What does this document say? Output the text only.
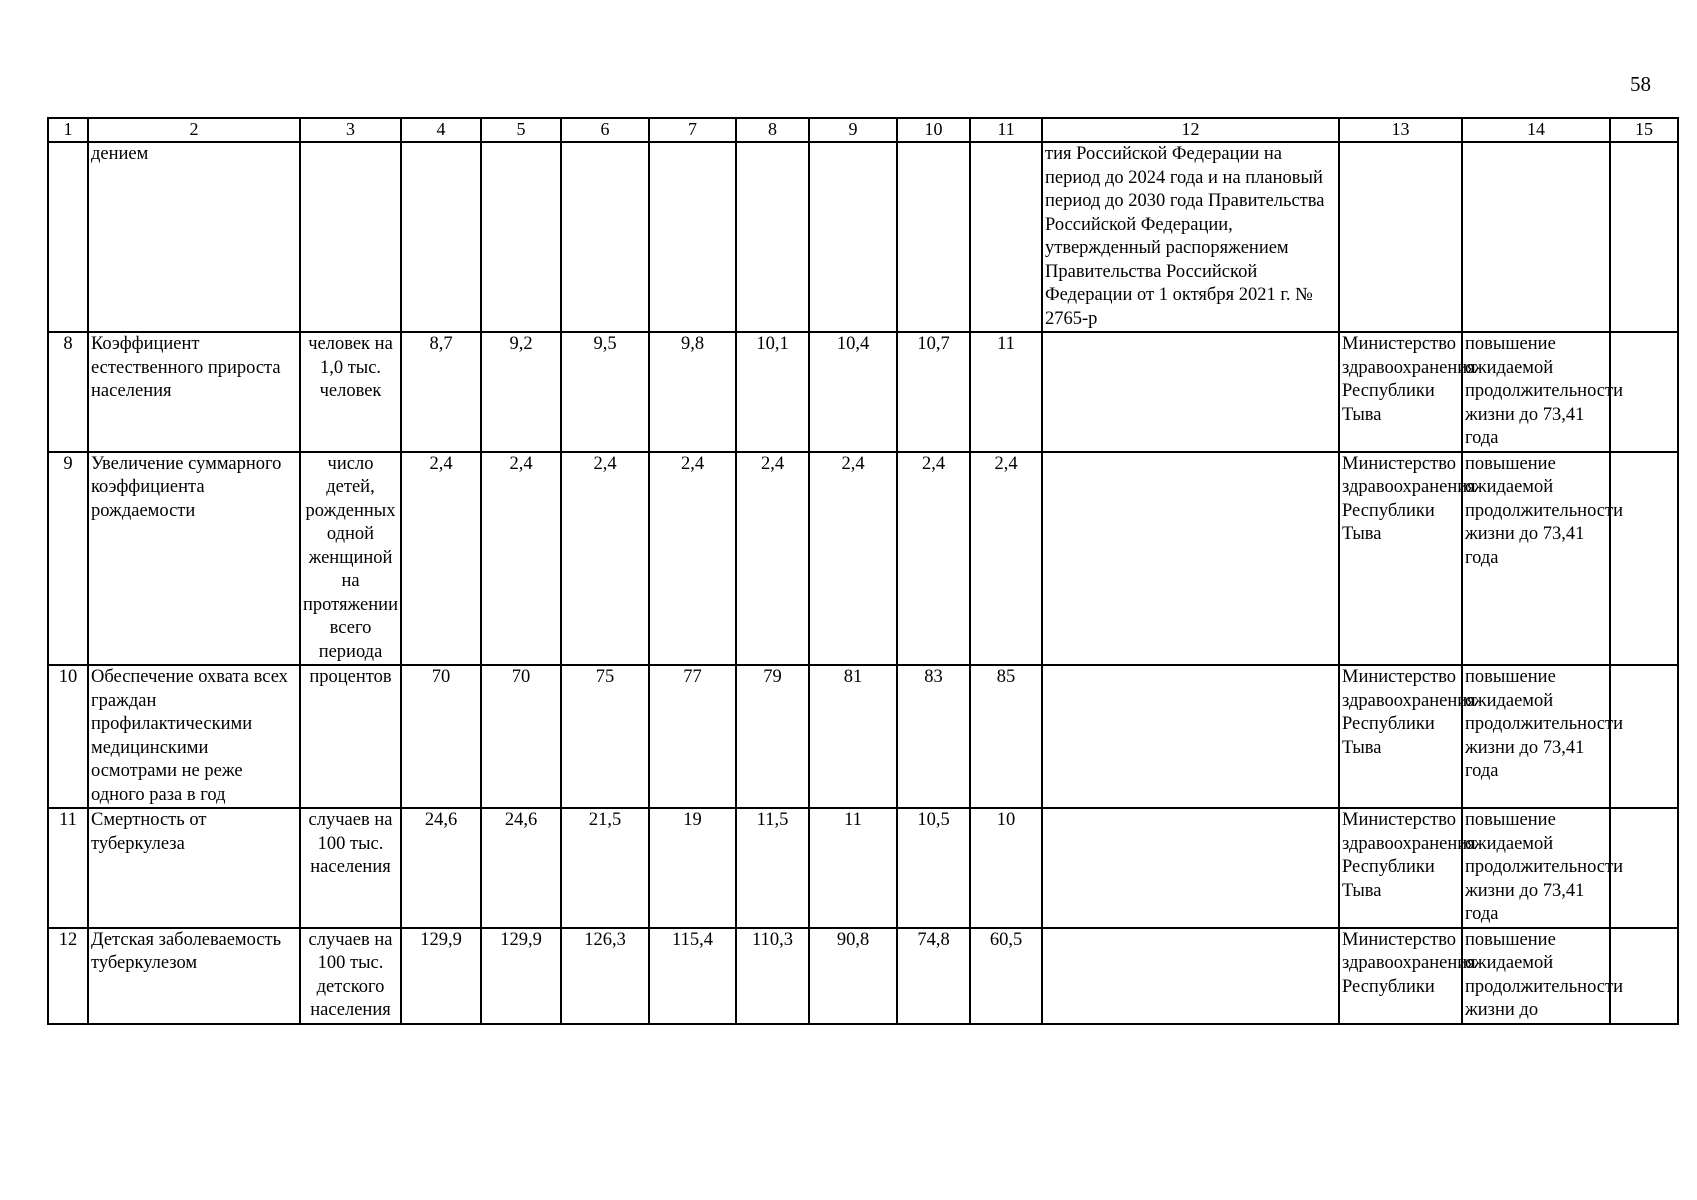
58
1	2	3	4	5	6	7	8	9	10	11	12	13	14	15
	дением										тия Российской Федерации на период до 2024 года и на плановый период до 2030 года Правительства Российской Федерации, утвержденный распоряжением Правительства Российской Федерации от 1 октября 2021 г. № 2765-р			
8	Коэффициент естественного прироста населения	человек на 1,0 тыс. человек	8,7	9,2	9,5	9,8	10,1	10,4	10,7	11		Министерство здравоохранения Республики Тыва	повышение ожидаемой продолжительности жизни до 73,41 года	
9	Увеличение суммарного коэффициента рождаемости	число детей, рожденных одной женщиной на протяжении всего периода	2,4	2,4	2,4	2,4	2,4	2,4	2,4	2,4		Министерство здравоохранения Республики Тыва	повышение ожидаемой продолжительности жизни до 73,41 года	
10	Обеспечение охвата всех граждан профилактическими медицинскими осмотрами не реже одного раза в год	процентов	70	70	75	77	79	81	83	85		Министерство здравоохранения Республики Тыва	повышение ожидаемой продолжительности жизни до 73,41 года	
11	Смертность от туберкулеза	случаев на 100 тыс. населения	24,6	24,6	21,5	19	11,5	11	10,5	10		Министерство здравоохранения Республики Тыва	повышение ожидаемой продолжительности жизни до 73,41 года	
12	Детская заболеваемость туберкулезом	случаев на 100 тыс. детского населения	129,9	129,9	126,3	115,4	110,3	90,8	74,8	60,5		Министерство здравоохранения Республики	повышение ожидаемой продолжительности жизни до	
